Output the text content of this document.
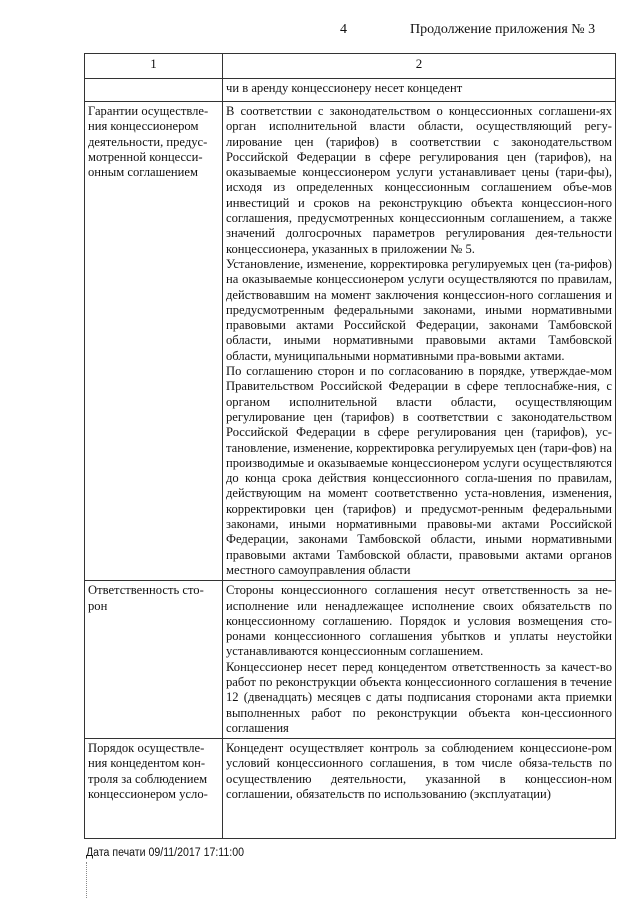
4	Продолжение приложения № 3
1	2
	чи в аренду концессионеру несет концедент
Гарантии осуществле-ния концессионером деятельности, предус-мотренной концесси-онным соглашением	В соответствии с законодательством о концессионных соглашени-ях орган исполнительной власти области, осуществляющий регу-лирование цен (тарифов) в соответствии с законодательством Российской Федерации в сфере регулирования цен (тарифов), на оказываемые концессионером услуги устанавливает цены (тари-фы), исходя из определенных концессионным соглашением объе-мов инвестиций и сроков на реконструкцию объекта концессион-ного соглашения, предусмотренных концессионным соглашением, а также значений долгосрочных параметров регулирования дея-тельности концессионера, указанных в приложении № 5.

Установление, изменение, корректировка регулируемых цен (та-рифов) на оказываемые концессионером услуги осуществляются по правилам, действовавшим на момент заключения концессион-ного соглашения и предусмотренным федеральными законами, иными нормативными правовыми актами Российской Федерации, законами Тамбовской области, иными нормативными правовыми актами Тамбовской области, муниципальными нормативными пра-вовыми актами.

По соглашению сторон и по согласованию в порядке, утверждае-мом Правительством Российской Федерации в сфере теплоснабже-ния, с органом исполнительной власти области, осуществляющим регулирование цен (тарифов) в соответствии с законодательством Российской Федерации в сфере регулирования цен (тарифов), ус-тановление, изменение, корректировка регулируемых цен (тари-фов) на производимые и оказываемые концессионером услуги осуществляются до конца срока действия концессионного согла-шения по правилам, действующим на момент соответственно уста-новления, изменения, корректировки цен (тарифов) и предусмот-ренным федеральными законами, иными нормативными правовы-ми актами Российской Федерации, законами Тамбовской области, иными нормативными правовыми актами Тамбовской области, правовыми актами органов местного самоуправления области

Ответственность сто-рон	Стороны концессионного соглашения несут ответственность за не-исполнение или ненадлежащее исполнение своих обязательств по концессионному соглашению. Порядок и условия возмещения сто-ронами концессионного соглашения убытков и уплаты неустойки устанавливаются концессионным соглашением.

Концессионер несет перед концедентом ответственность за качест-во работ по реконструкции объекта концессионного соглашения в течение 12 (двенадцать) месяцев с даты подписания сторонами акта приемки выполненных работ по реконструкции объекта кон-цессионного соглашения

Порядок осуществле-ния концедентом кон-троля за соблюдением концессионером усло-	Концедент осуществляет контроль за соблюдением концессионе-ром условий концессионного соглашения, в том числе обяза-тельств по осуществлению деятельности, указанной в концессион-ном соглашении, обязательств по использованию (эксплуатации)

Дата печати 09/11/2017 17:11:00
